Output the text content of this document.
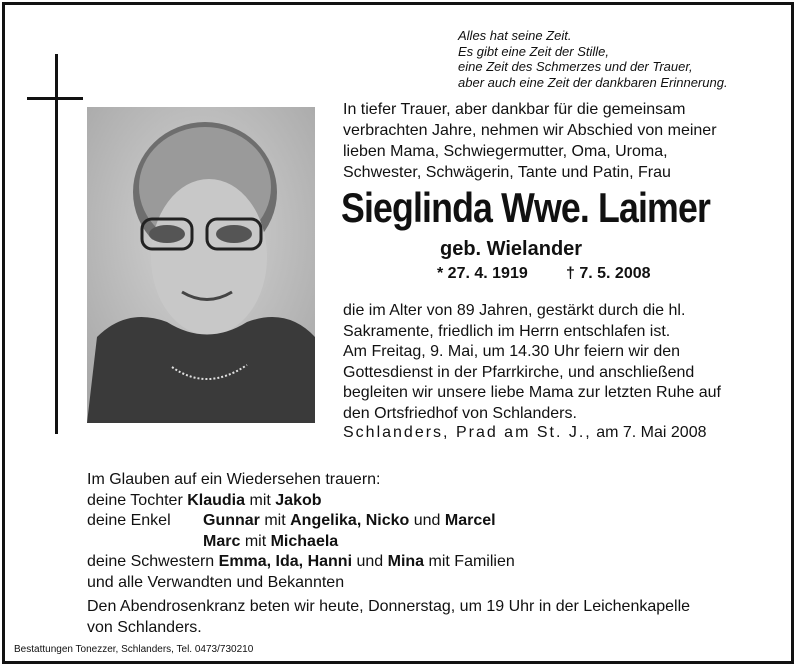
Alles hat seine Zeit.
Es gibt eine Zeit der Stille,
eine Zeit des Schmerzes und der Trauer,
aber auch eine Zeit der dankbaren Erinnerung.
In tiefer Trauer, aber dankbar für die gemeinsam
verbrachten Jahre, nehmen wir Abschied von meiner
lieben Mama, Schwiegermutter, Oma, Uroma,
Schwester, Schwägerin, Tante und Patin, Frau
Sieglinda Wwe. Laimer
geb. Wielander
* 27. 4. 1919 † 7. 5. 2008
die im Alter von 89 Jahren, gestärkt durch die hl.
Sakramente, friedlich im Herrn entschlafen ist.
Am Freitag, 9. Mai, um 14.30 Uhr feiern wir den
Gottesdienst in der Pfarrkirche, und anschließend
begleiten wir unsere liebe Mama zur letzten Ruhe auf
den Ortsfriedhof von Schlanders.
Schlanders, Prad am St. J., am 7. Mai 2008
Im Glauben auf ein Wiedersehen trauern:
deine Tochter Klaudia mit Jakob
deine Enkel Gunnar mit Angelika, Nicko und Marcel
Marc mit Michaela
deine Schwestern Emma, Ida, Hanni und Mina mit Familien
und alle Verwandten und Bekannten
Den Abendrosenkranz beten wir heute, Donnerstag, um 19 Uhr in der Leichenkapelle
von Schlanders.
Bestattungen Tonezzer, Schlanders, Tel. 0473/730210
